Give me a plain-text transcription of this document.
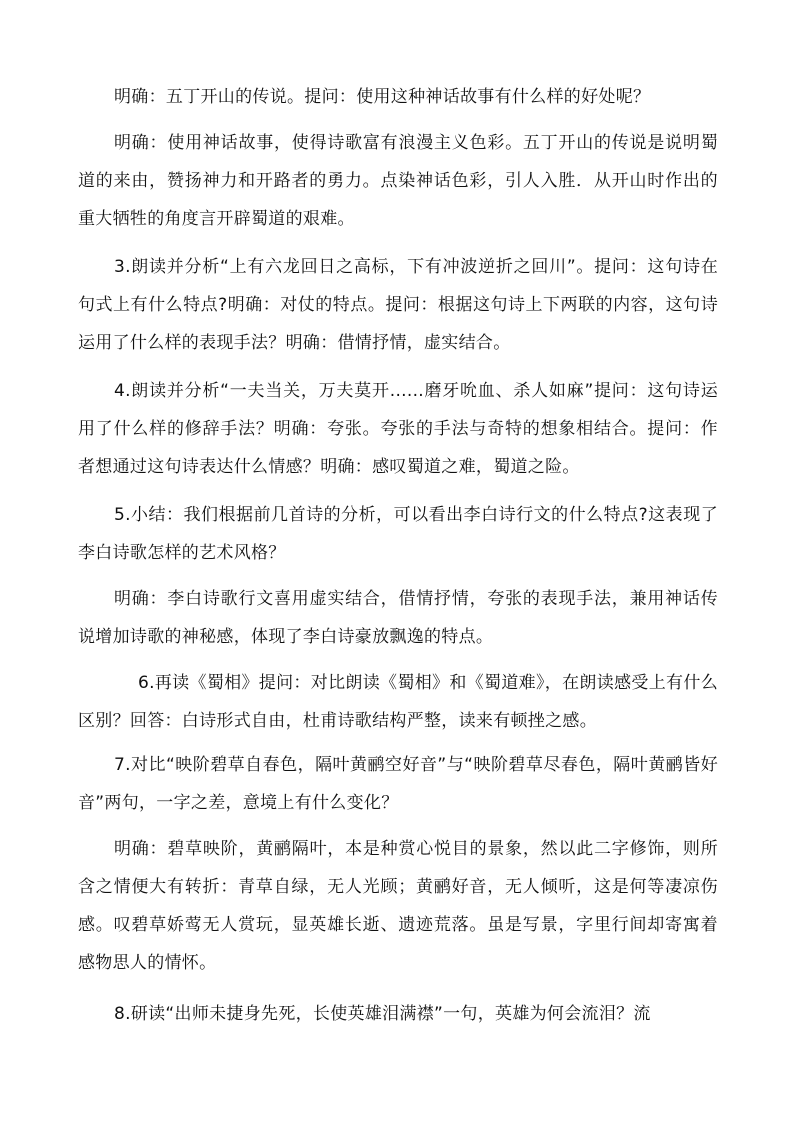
明确：五丁开山的传说。提问：使用这种神话故事有什么样的好处呢？

明确：使用神话故事，使得诗歌富有浪漫主义色彩。五丁开山的传说是说明蜀道的来由，赞扬神力和开路者的勇力。点染神话色彩，引人入胜．从开山时作出的重大牺牲的角度言开辟蜀道的艰难。

3.朗读并分析“上有六龙回日之高标，下有冲波逆折之回川”。提问：这句诗在句式上有什么特点?明确：对仗的特点。提问：根据这句诗上下两联的内容，这句诗运用了什么样的表现手法？明确：借情抒情，虚实结合。

4.朗读并分析“一夫当关，万夫莫开......磨牙吮血、杀人如麻”提问：这句诗运用了什么样的修辞手法？明确：夸张。夸张的手法与奇特的想象相结合。提问：作者想通过这句诗表达什么情感？明确：感叹蜀道之难，蜀道之险。

5.小结：我们根据前几首诗的分析，可以看出李白诗行文的什么特点?这表现了李白诗歌怎样的艺术风格？

明确：李白诗歌行文喜用虚实结合，借情抒情，夸张的表现手法，兼用神话传说增加诗歌的神秘感，体现了李白诗豪放飘逸的特点。

6.再读《蜀相》提问：对比朗读《蜀相》和《蜀道难》，在朗读感受上有什么区别？回答：白诗形式自由，杜甫诗歌结构严整，读来有顿挫之感。

7.对比“映阶碧草自春色，隔叶黄鹂空好音”与“映阶碧草尽春色，隔叶黄鹂皆好音”两句，一字之差，意境上有什么变化？

明确：碧草映阶，黄鹂隔叶，本是种赏心悦目的景象，然以此二字修饰，则所含之情便大有转折：青草自绿，无人光顾；黄鹂好音，无人倾听，这是何等凄凉伤感。叹碧草娇莺无人赏玩，显英雄长逝、遗迹荒落。虽是写景，字里行间却寄寓着感物思人的情怀。

8.研读“出师未捷身先死，长使英雄泪满襟”一句，英雄为何会流泪？流
